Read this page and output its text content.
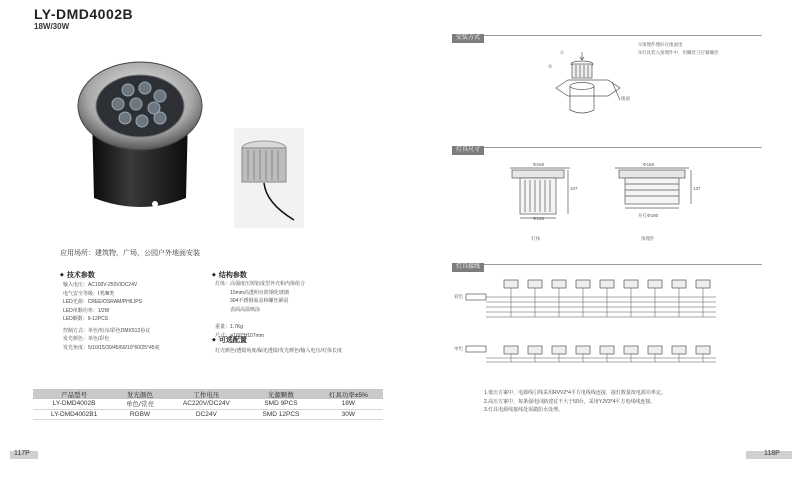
LY-DMD4002B
18W/30W
应用场所：建筑物，广场，公园户外地面安装
◆ 技术参数
输入电压：AC100V-250V/DC24V
电气安全等级：Ⅰ类/Ⅲ类
LED光源：CREE/OSRAM/PHILIPS
LED单颗功率：1/2W
LED颗数：9-12PCS
控制方式：单色/恒亮/彩色DMX512协议
发光颜色：单色/彩色
发光角度：5/10/15/30/45/60/10°60/25°45度
◆ 结构参数
灯体： 高强度压铸铝成型外壳和内体组合
10mm高透明台阶钢化玻璃
304不锈钢面盖和螺丝紧固
表面高温喷涂
重量：1.7Kg
尺寸：φ160*H107mm
◆ 可选配置
灯壳颜色/透镜角度/偏光透镜/发光颜色/输入电压/灯体长度
产品型号	发光颜色	工作电压	光源颗数	灯具功率±5%
LY-DMD4002B	单色/常亮	AC220V/DC24V	SMD 9PCS	18W
LY-DMD4002B1	RGBW	DC24V	SMD 12PCS	30W
117P
安装方式
①预埋件埋好在地面里
②灯具装入预埋件中，用螺丝刀拧紧螺丝
①
②
地面
灯具尺寸
Φ160
107
Φ140
灯体
Φ160
137
开孔Φ180
预埋件
灯具接线
彩色
单色
1.低压方案中，电源线引线采用RVV2*4平方电线线连接，接灯数量按电源功率定。
2.高压方案中，每条强电回路建议不大于50台，采用YJV3*4平方电线线连接。
3.灯具电源线接线处需做防水处理。
118P
